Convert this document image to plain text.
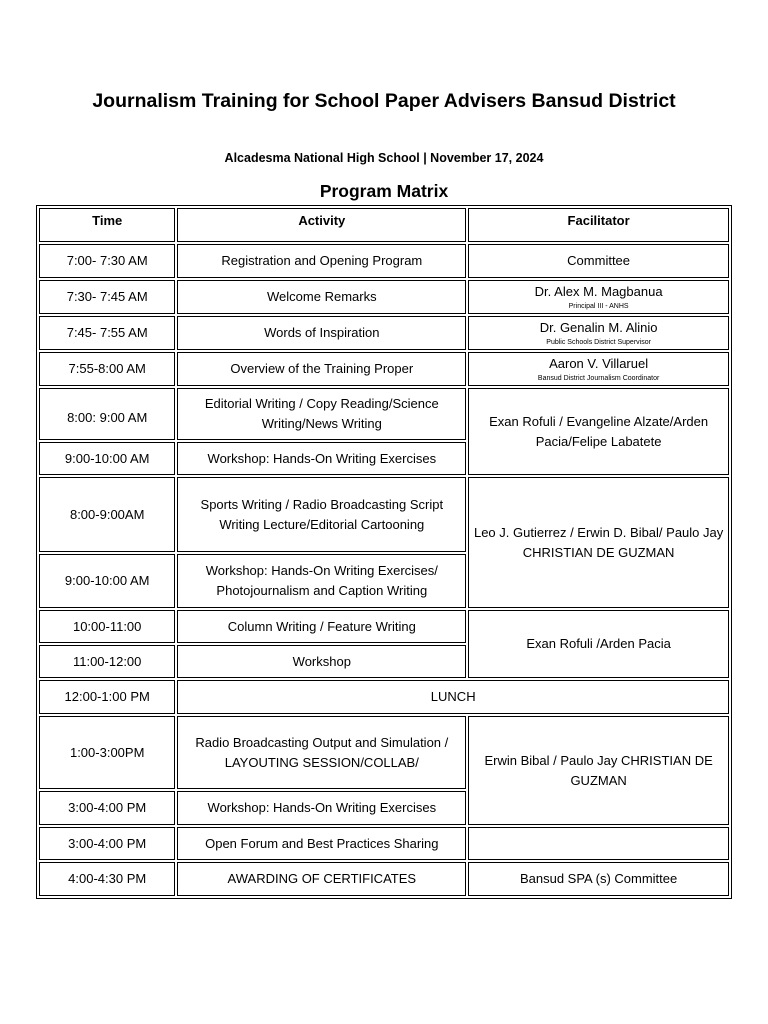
Journalism Training for School Paper Advisers Bansud District
Alcadesma National High School | November 17, 2024
Program Matrix
Time	Activity	Facilitator
7:00- 7:30 AM	Registration and Opening Program	Committee
7:30- 7:45 AM	Welcome Remarks	Dr. Alex M. Magbanua
Principal III - ANHS

7:45- 7:55 AM	Words of Inspiration	Dr. Genalin M. Alinio
Public Schools District Supervisor

7:55-8:00 AM	Overview of the Training Proper	Aaron V. Villaruel
Bansud District Journalism Coordinator

8:00: 9:00 AM	Editorial Writing / Copy Reading/Science Writing/News Writing	Exan Rofuli / Evangeline Alzate/Arden Pacia/Felipe Labatete
9:00-10:00 AM	Workshop: Hands-On Writing Exercises	
8:00-9:00AM	Sports Writing / Radio Broadcasting Script Writing Lecture/Editorial Cartooning	Leo J. Gutierrez / Erwin D. Bibal/ Paulo Jay CHRISTIAN DE GUZMAN
9:00-10:00 AM	Workshop: Hands-On Writing Exercises/ Photojournalism and Caption Writing	
10:00-11:00	Column Writing / Feature Writing	Exan Rofuli /Arden Pacia
11:00-12:00	Workshop	
12:00-1:00 PM	LUNCH	
1:00-3:00PM	Radio Broadcasting Output and Simulation / LAYOUTING SESSION/COLLAB/	Erwin Bibal / Paulo Jay CHRISTIAN DE GUZMAN
3:00-4:00 PM	Workshop: Hands-On Writing Exercises	
3:00-4:00 PM	Open Forum and Best Practices Sharing	
4:00-4:30 PM	AWARDING OF CERTIFICATES	Bansud SPA (s) Committee
